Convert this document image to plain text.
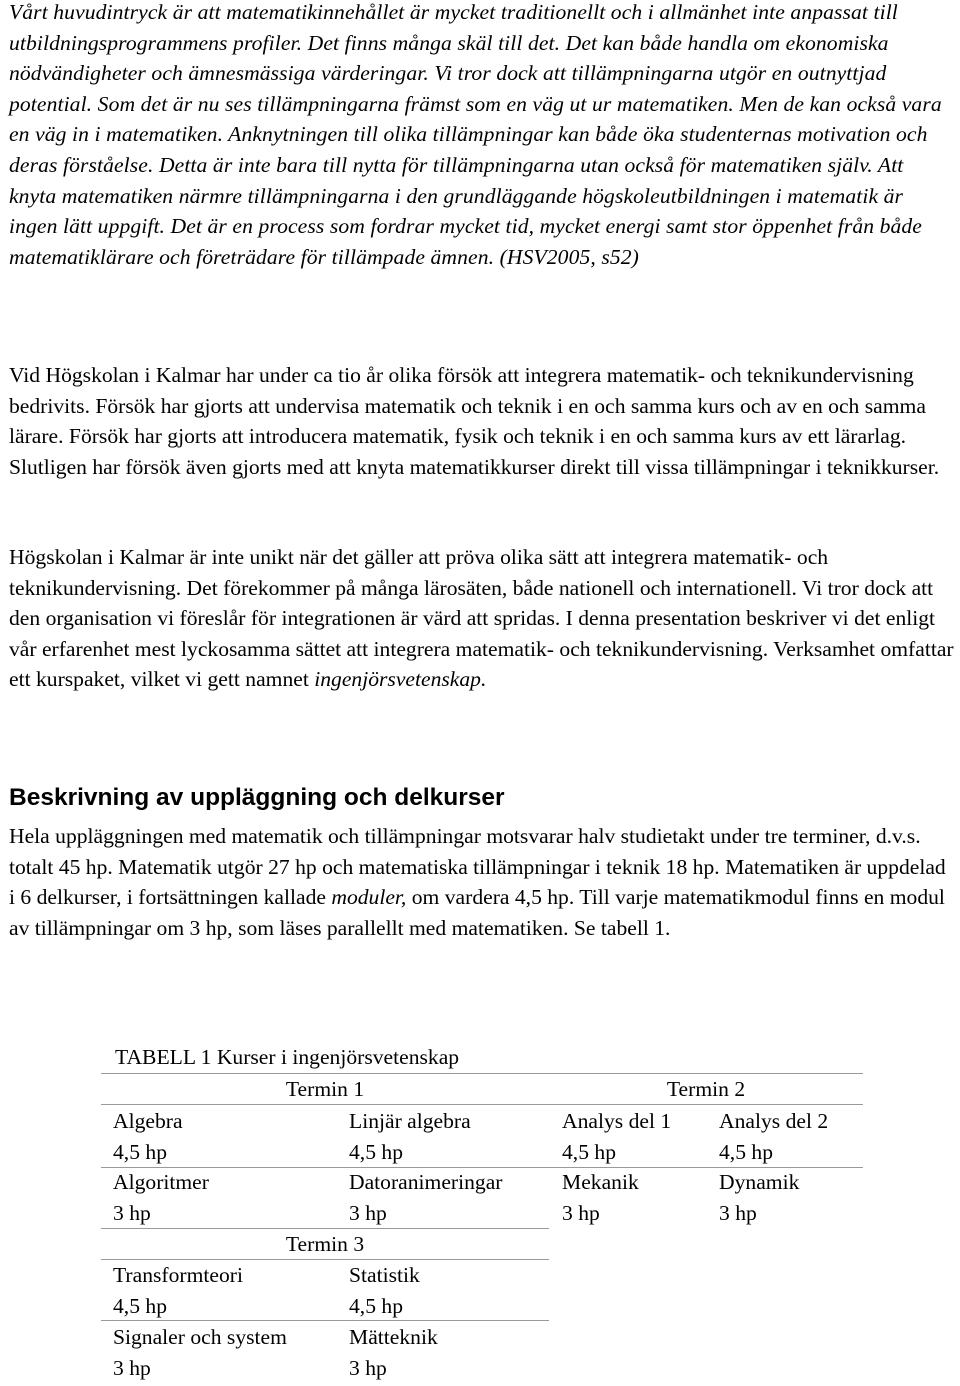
Vårt huvudintryck är att matematikinnehållet är mycket traditionellt och i allmänhet inte anpassat till utbildningsprogrammens profiler. Det finns många skäl till det. Det kan både handla om ekonomiska nödvändigheter och ämnesmässiga värderingar. Vi tror dock att tillämpningarna utgör en outnyttjad potential. Som det är nu ses tillämpningarna främst som en väg ut ur matematiken. Men de kan också vara en väg in i matematiken. Anknytningen till olika tillämpningar kan både öka studenternas motivation och deras förståelse. Detta är inte bara till nytta för tillämpningarna utan också för matematiken själv. Att knyta matematiken närmre tillämpningarna i den grundläggande högskoleutbildningen i matematik är ingen lätt uppgift. Det är en process som fordrar mycket tid, mycket energi samt stor öppenhet från både matematiklärare och företrädare för tillämpade ämnen. (HSV2005, s52)

Vid Högskolan i Kalmar har under ca tio år olika försök att integrera matematik- och teknikundervisning bedrivits. Försök har gjorts att undervisa matematik och teknik i en och samma kurs och av en och samma lärare. Försök har gjorts att introducera matematik, fysik och teknik i en och samma kurs av ett lärarlag. Slutligen har försök även gjorts med att knyta matematikkurser direkt till vissa tillämpningar i teknikkurser.

Högskolan i Kalmar är inte unikt när det gäller att pröva olika sätt att integrera matematik- och teknikundervisning. Det förekommer på många lärosäten, både nationell och internationell. Vi tror dock att den organisation vi föreslår för integrationen är värd att spridas. I denna presentation beskriver vi det enligt vår erfarenhet mest lyckosamma sättet att integrera matematik- och teknikundervisning. Verksamhet omfattar ett kurspaket, vilket vi gett namnet ingenjörsvetenskap.

Beskrivning av uppläggning och delkurser

Hela uppläggningen med matematik och tillämpningar motsvarar halv studietakt under tre terminer, d.v.s. totalt 45 hp. Matematik utgör 27 hp och matematiska tillämpningar i teknik 18 hp. Matematiken är uppdelad i 6 delkurser, i fortsättningen kallade moduler, om vardera 4,5 hp. Till varje matematikmodul finns en modul av tillämpningar om 3 hp, som läses parallellt med matematiken. Se tabell 1.

TABELL 1 Kurser i ingenjörsvetenskap

Termin 1	Termin 2
Algebra
4,5 hp
Linjär algebra
4,5 hp
Analys del 1
4,5 hp
Analys del 2
4,5 hp
Algoritmer
3 hp
Datoranimeringar
3 hp
Mekanik
3 hp
Dynamik
3 hp
Termin 3
Transformteori
4,5 hp
Statistik
4,5 hp
Signaler och system
3 hp
Mätteknik
3 hp
